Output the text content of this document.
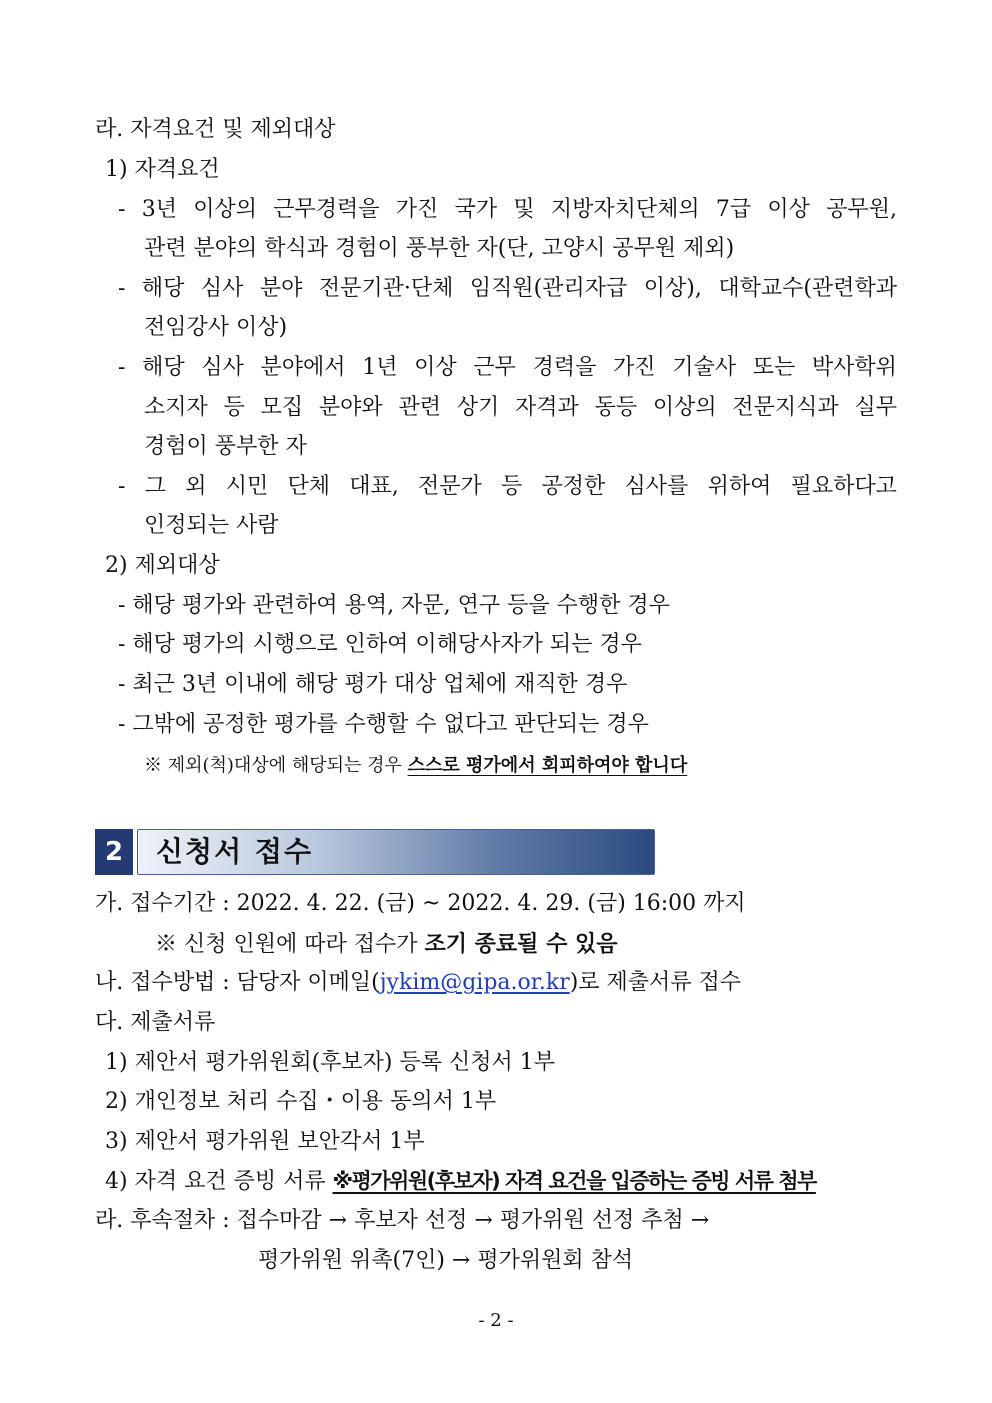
라. 자격요건 및 제외대상
1) 자격요건
- 3년 이상의 근무경력을 가진 국가 및 지방자치단체의 7급 이상 공무원,
관련 분야의 학식과 경험이 풍부한 자(단, 고양시 공무원 제외)
- 해당 심사 분야 전문기관·단체 임직원(관리자급 이상), 대학교수(관련학과
전임강사 이상)
- 해당 심사 분야에서 1년 이상 근무 경력을 가진 기술사 또는 박사학위
소지자 등 모집 분야와 관련 상기 자격과 동등 이상의 전문지식과 실무
경험이 풍부한 자
- 그 외 시민 단체 대표, 전문가 등 공정한 심사를 위하여 필요하다고
인정되는 사람
2) 제외대상
- 해당 평가와 관련하여 용역, 자문, 연구 등을 수행한 경우
- 해당 평가의 시행으로 인하여 이해당사자가 되는 경우
- 최근 3년 이내에 해당 평가 대상 업체에 재직한 경우
- 그밖에 공정한 평가를 수행할 수 없다고 판단되는 경우
※ 제외(척)대상에 해당되는 경우 스스로 평가에서 회피하여야 합니다
2	신청서 접수
가. 접수기간 : 2022. 4. 22. (금) ~ 2022. 4. 29. (금) 16:00 까지
※ 신청 인원에 따라 접수가 조기 종료될 수 있음
나. 접수방법 : 담당자 이메일(jykim@gipa.or.kr)로 제출서류 접수
다. 제출서류
1) 제안서 평가위원회(후보자) 등록 신청서 1부
2) 개인정보 처리 수집・이용 동의서 1부
3) 제안서 평가위원 보안각서 1부
4) 자격 요건 증빙 서류 ※평가위원(후보자) 자격 요건을 입증하는 증빙 서류 첨부
라. 후속절차 : 접수마감 → 후보자 선정 → 평가위원 선정 추첨 →
평가위원 위촉(7인) → 평가위원회 참석
- 2 -
